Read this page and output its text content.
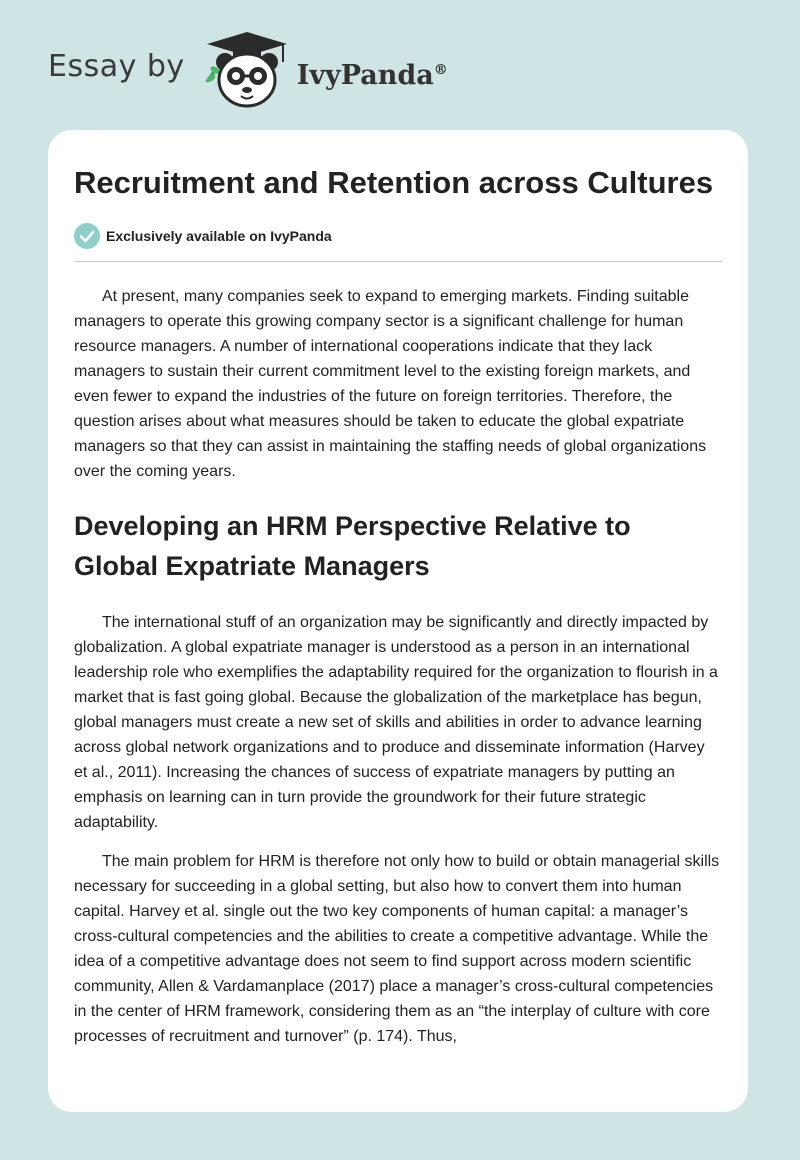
Essay by	IvyPanda®
Recruitment and Retention across Cultures
Exclusively available on IvyPanda

At present, many companies seek to expand to emerging markets. Finding suitable managers to operate this growing company sector is a significant challenge for human resource managers. A number of international cooperations indicate that they lack managers to sustain their current commitment level to the existing foreign markets, and even fewer to expand the industries of the future on foreign territories. Therefore, the question arises about what measures should be taken to educate the global expatriate managers so that they can assist in maintaining the staffing needs of global organizations over the coming years.

Developing an HRM Perspective Relative to Global Expatriate Managers

The international stuff of an organization may be significantly and directly impacted by globalization. A global expatriate manager is understood as a person in an international leadership role who exemplifies the adaptability required for the organization to flourish in a market that is fast going global. Because the globalization of the marketplace has begun, global managers must create a new set of skills and abilities in order to advance learning across global network organizations and to produce and disseminate information (Harvey et al., 2011). Increasing the chances of success of expatriate managers by putting an emphasis on learning can in turn provide the groundwork for their future strategic adaptability.

The main problem for HRM is therefore not only how to build or obtain managerial skills necessary for succeeding in a global setting, but also how to convert them into human capital. Harvey et al. single out the two key components of human capital: a manager’s cross-cultural competencies and the abilities to create a competitive advantage. While the idea of a competitive advantage does not seem to find support across modern scientific community, Allen & Vardamanplace (2017) place a manager’s cross-cultural competencies in the center of HRM framework, considering them as an “the interplay of culture with core processes of recruitment and turnover” (p. 174). Thus,
